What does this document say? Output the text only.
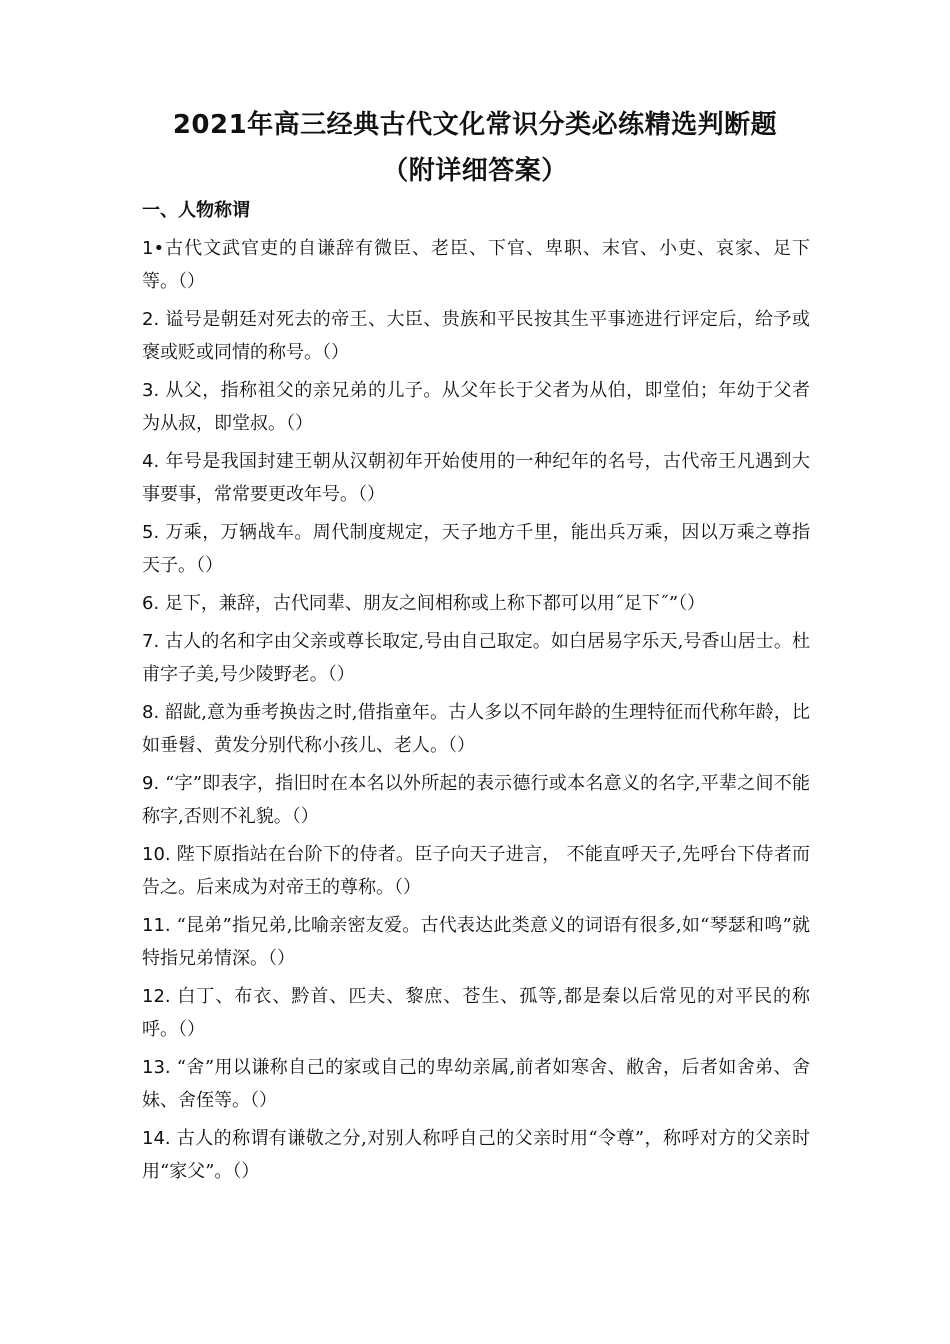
2021年高三经典古代文化常识分类必练精选判断题
（附详细答案）
一、人物称谓

1•古代文武官吏的自谦辞有微臣、老臣、下官、卑职、末官、小吏、哀家、足下等。（）

2. 谥号是朝廷对死去的帝王、大臣、贵族和平民按其生平事迹进行评定后，给予或褒或贬或同情的称号。（）

3. 从父，指称祖父的亲兄弟的儿子。从父年长于父者为从伯，即堂伯；年幼于父者为从叔，即堂叔。（）

4. 年号是我国封建王朝从汉朝初年开始使用的一种纪年的名号，古代帝王凡遇到大事要事，常常要更改年号。（）

5. 万乘，万辆战车。周代制度规定，天子地方千里，能出兵万乘，因以万乘之尊指天子。（）

6. 足下，兼辞，古代同辈、朋友之间相称或上称下都可以用˝足下˝”（）

7. 古人的名和字由父亲或尊长取定,号由自己取定。如白居易字乐天,号香山居士。杜甫字子美,号少陵野老。（）

8. 韶龀,意为垂考换齿之时,借指童年。古人多以不同年龄的生理特征而代称年龄，比如垂髫、黄发分别代称小孩儿、老人。（）

9. “字”即表字，指旧时在本名以外所起的表示德行或本名意义的名字,平辈之间不能称字,否则不礼貌。（）

10. 陛下原指站在台阶下的侍者。臣子向天子进言， 不能直呼天子,先呼台下侍者而告之。后来成为对帝王的尊称。（）

11. “昆弟”指兄弟,比喻亲密友爱。古代表达此类意义的词语有很多,如“琴瑟和鸣”就特指兄弟情深。（）

12. 白丁、布衣、黔首、匹夫、黎庶、苍生、孤等,都是秦以后常见的对平民的称呼。（）

13. “舍”用以谦称自己的家或自己的卑幼亲属,前者如寒舍、敝舍，后者如舍弟、舍妹、舍侄等。（）

14. 古人的称谓有谦敬之分,对别人称呼自己的父亲时用“令尊”，称呼对方的父亲时用“家父”。（）
